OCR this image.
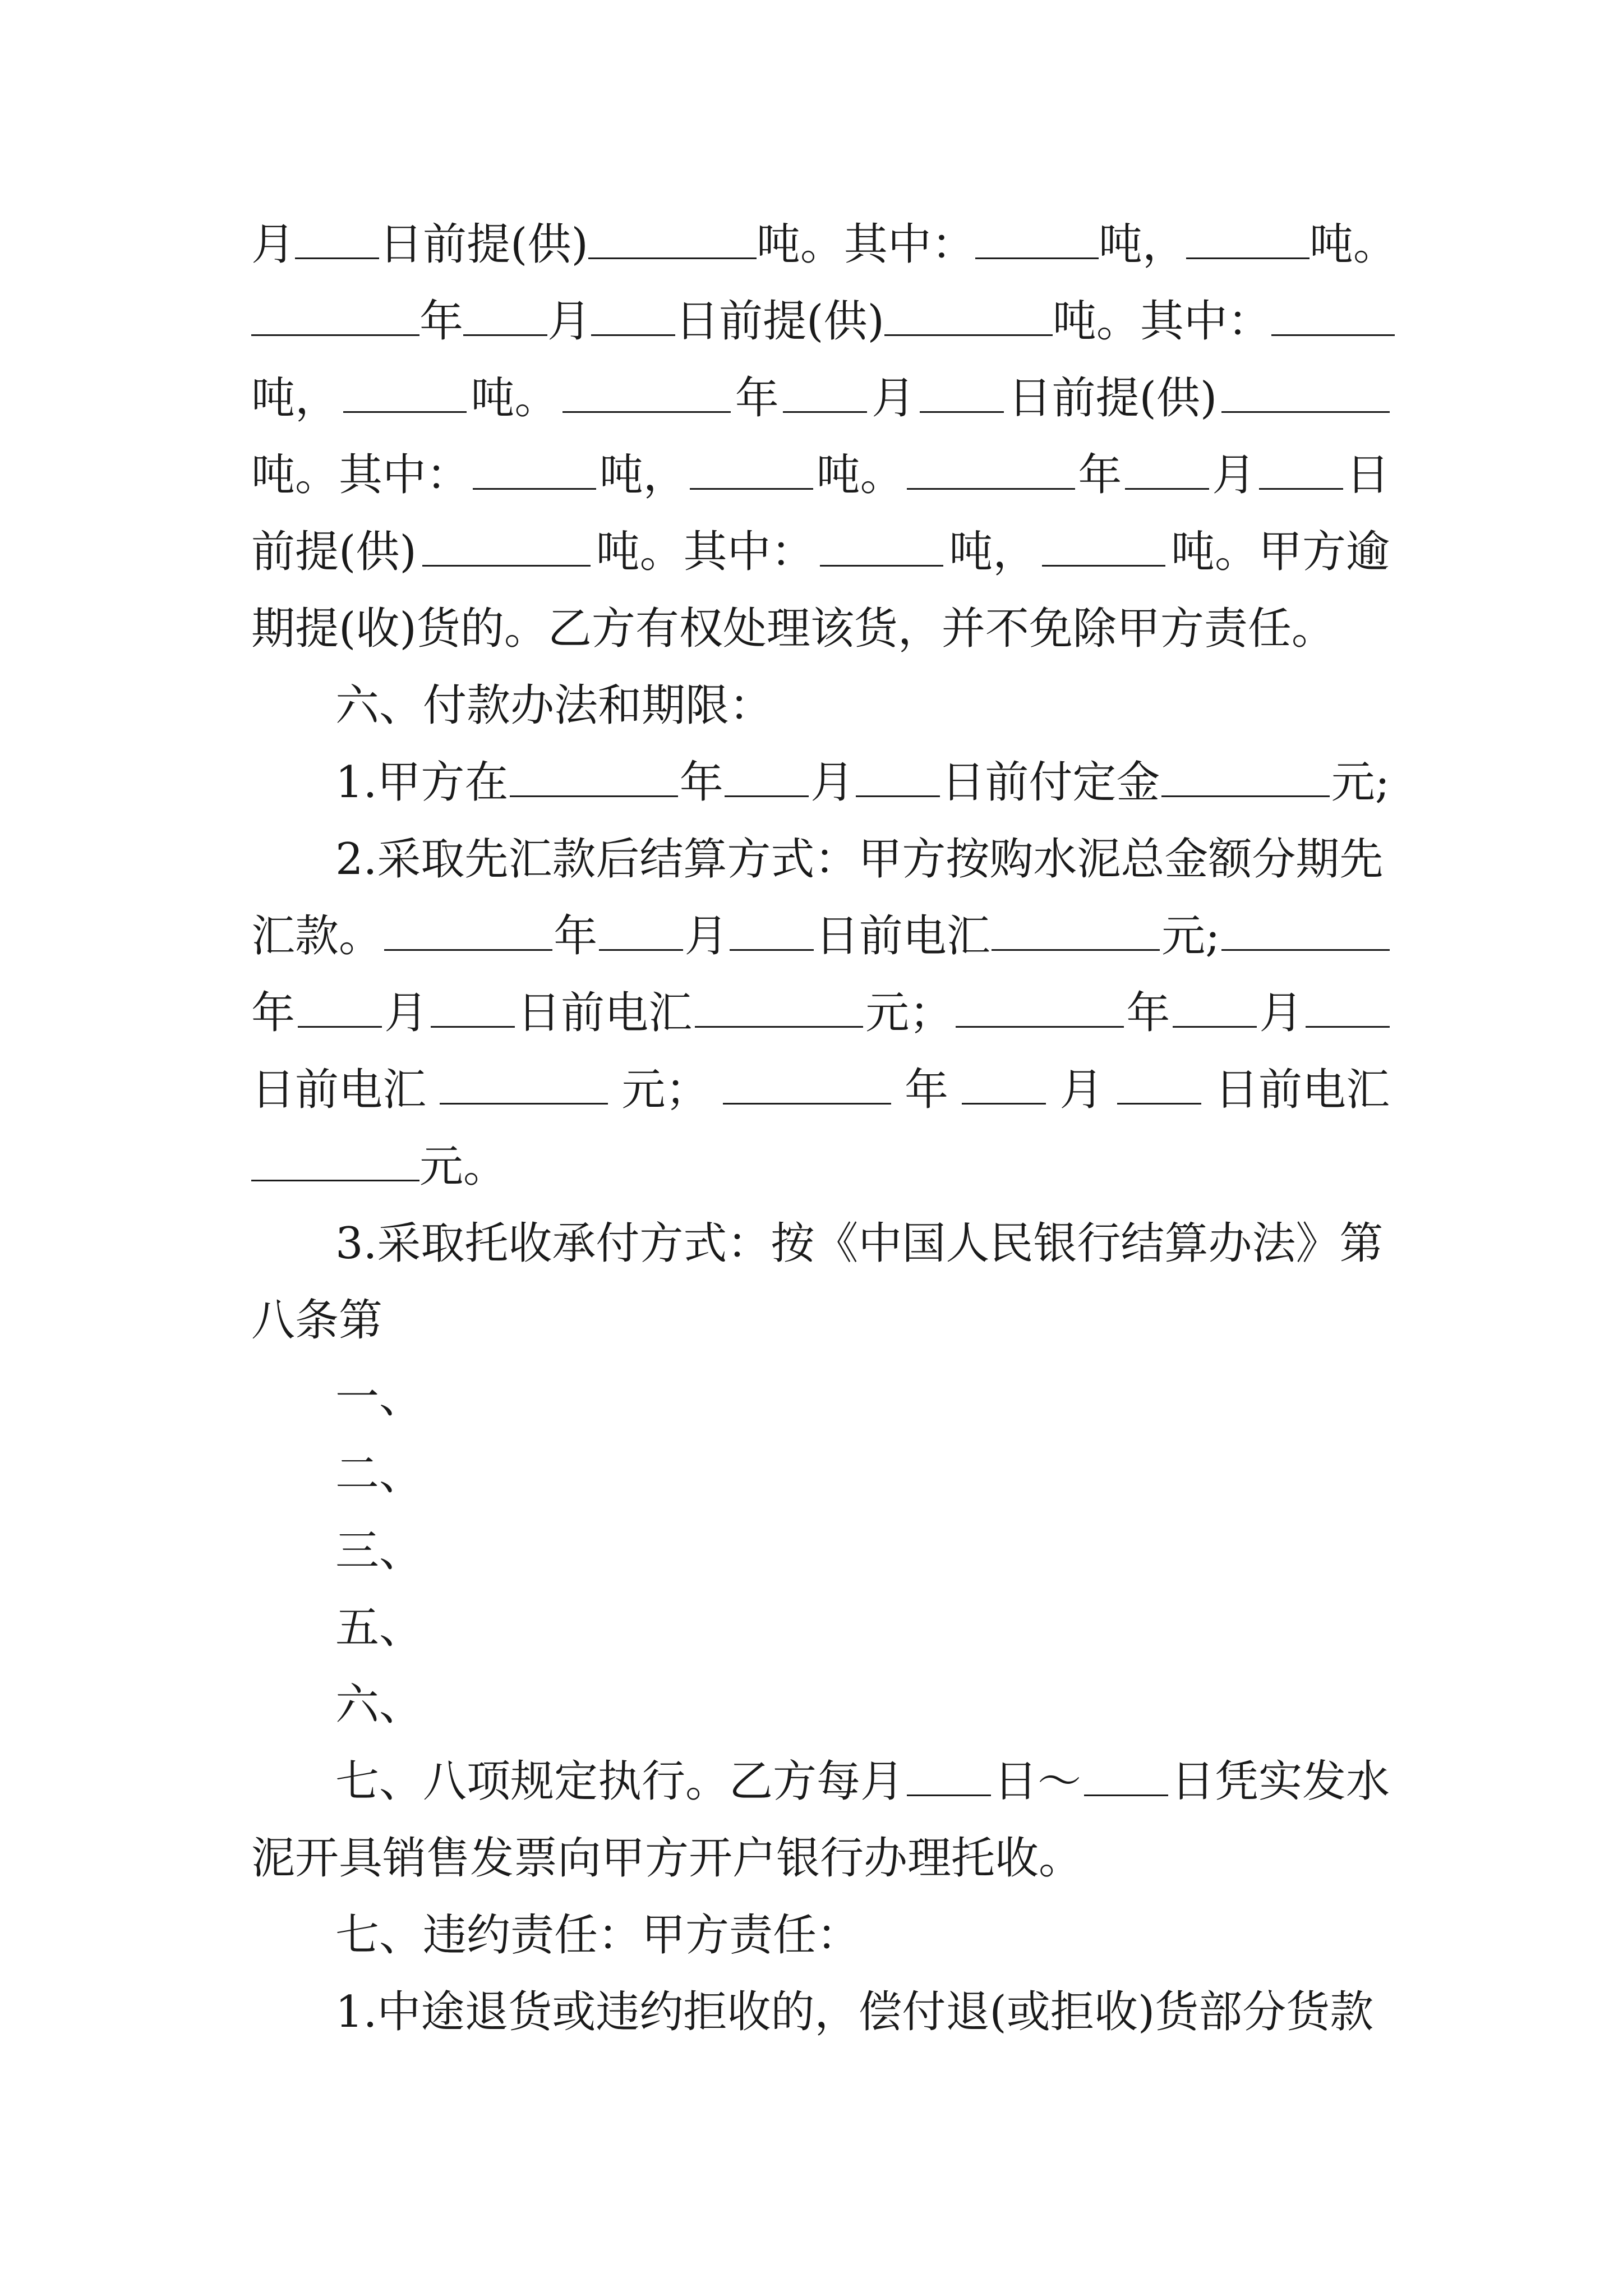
月 日前提(供)	吨。其中：	吨，	吨。
年 月 日前提(供)	吨。其中：
吨，	吨。	年 月 日前提(供)
吨。其中：	吨，	吨。	年 月 日
前提(供)	吨。其中：	吨，	吨。甲方逾
期提(收)货的。乙方有权处理该货，并不免除甲方责任。
六、付款办法和期限：
1.甲方在	年 月 日前付定金	元;
2.采取先汇款后结算方式：甲方按购水泥总金额分期先
汇款。	年 月 日前电汇	元;
年 月 日前电汇	元；	年 月
日前电汇	元；	年	月	日前电汇
元。
3.采取托收承付方式：按《中国人民银行结算办法》第
八条第
一、
二、
三、
五、
六、
七、八项规定执行。乙方每月 日～ 日凭实发水
泥开具销售发票向甲方开户银行办理托收。
七、违约责任：甲方责任：
1.中途退货或违约拒收的，偿付退(或拒收)货部分货款
